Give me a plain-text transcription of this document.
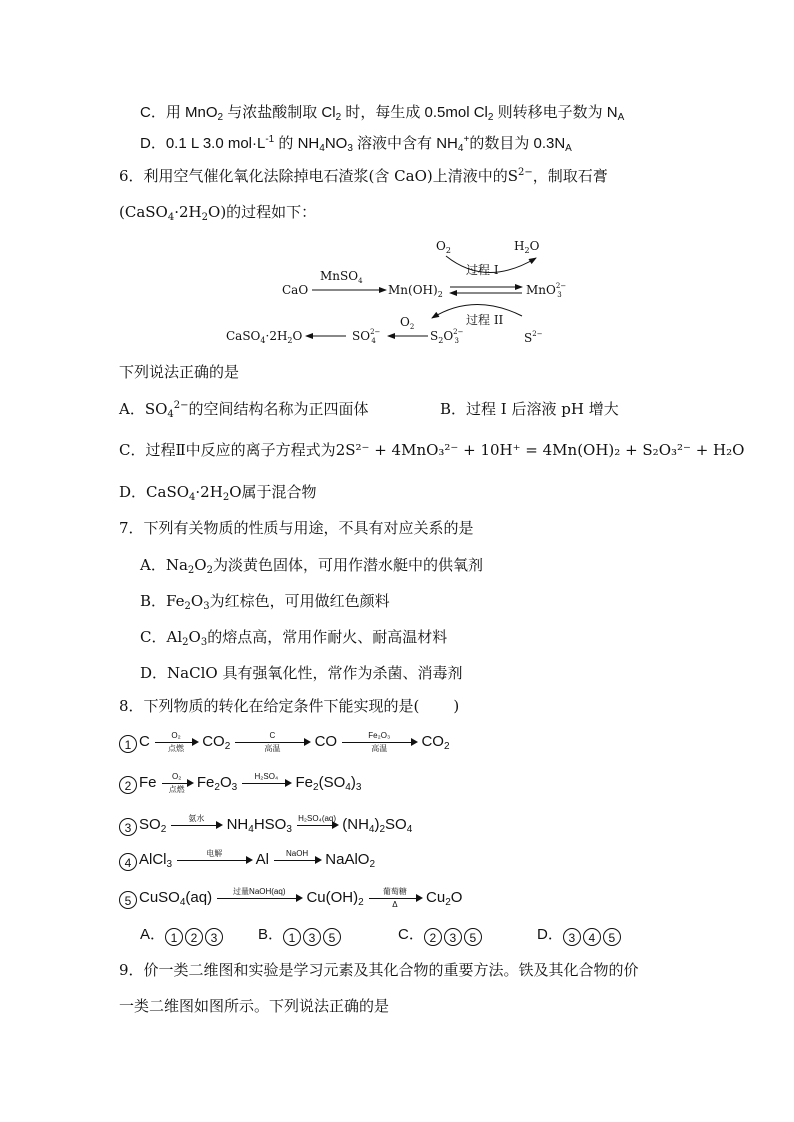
C．用 MnO$_2$ 与浓盐酸制取 $Cl_2$ 时，每生成 0.5mol $Cl_2$ 则转移电子数为 $N_A$
D．0.1 L 3.0 $mol\cdot L^{-1}$ 的 $NH_4NO_3$ 溶液中含有 $NH_4^+$的数目为 $0.3N_A$
6．利用空气催化氧化法除掉电石渣浆(含 CaO)上清液中的$S^{2-}$，制取石膏
$(CaSO_4\cdot 2H_2O)$的过程如下：
$O_2$	$H_2O$
过程 I
CaO
MnSO$_4$
$Mn(OH)_2$	MnO$^{2-}$ 3
过程 II
$CaSO_4\cdot 2H_2O$	$SO^{2-}$ 4
$O_2$
$S_2O^{2-}$ 3	$S^{2-}$
下列说法正确的是
A．$SO_4^{2-}$的空间结构名称为正四面体	B．过程 I 后溶液 pH 增大
C．过程Ⅱ中反应的离子方程式为2S²⁻ + 4MnO₃²⁻ + 10H⁺ = 4Mn(OH)₂ + S₂O₃²⁻ + H₂O
D．$CaSO_4\cdot 2H_2O$属于混合物
7．下列有关物质的性质与用途，不具有对应关系的是
A．$Na_2O_2$为淡黄色固体，可用作潜水艇中的供氧剂
B．$Fe_2O_3$为红棕色，可用做红色颜料
C．$Al_2O_3$的熔点高，常用作耐火、耐高温材料
D．NaClO 具有强氧化性，常作为杀菌、消毒剂
8．下列物质的转化在给定条件下能实现的是( )
1 C	O₂
点燃	$CO_2$
C
高温	CO	Fe₂O₃
高温	$CO_2$
2 Fe	O₂
点燃 $Fe_2O_3$
H₂SO₄	$Fe_2(SO_4)_3$
3 $SO_2$
氨水	$NH_4HSO_3$
H₂SO₄(aq) $(NH_4)_2SO_4$
4 AlCl$_3$
电解	Al	NaOH	NaAlO$_2$
5 CuSO$_4$(aq)	过量NaOH(aq)	$Cu(OH)_2$
葡萄糖
Δ	$Cu_2O$
A． 1 2 3	B． 1 3 5	C． 2 3 5	D． 3 4 5
9．价一类二维图和实验是学习元素及其化合物的重要方法。铁及其化合物的价
一类二维图如图所示。下列说法正确的是
